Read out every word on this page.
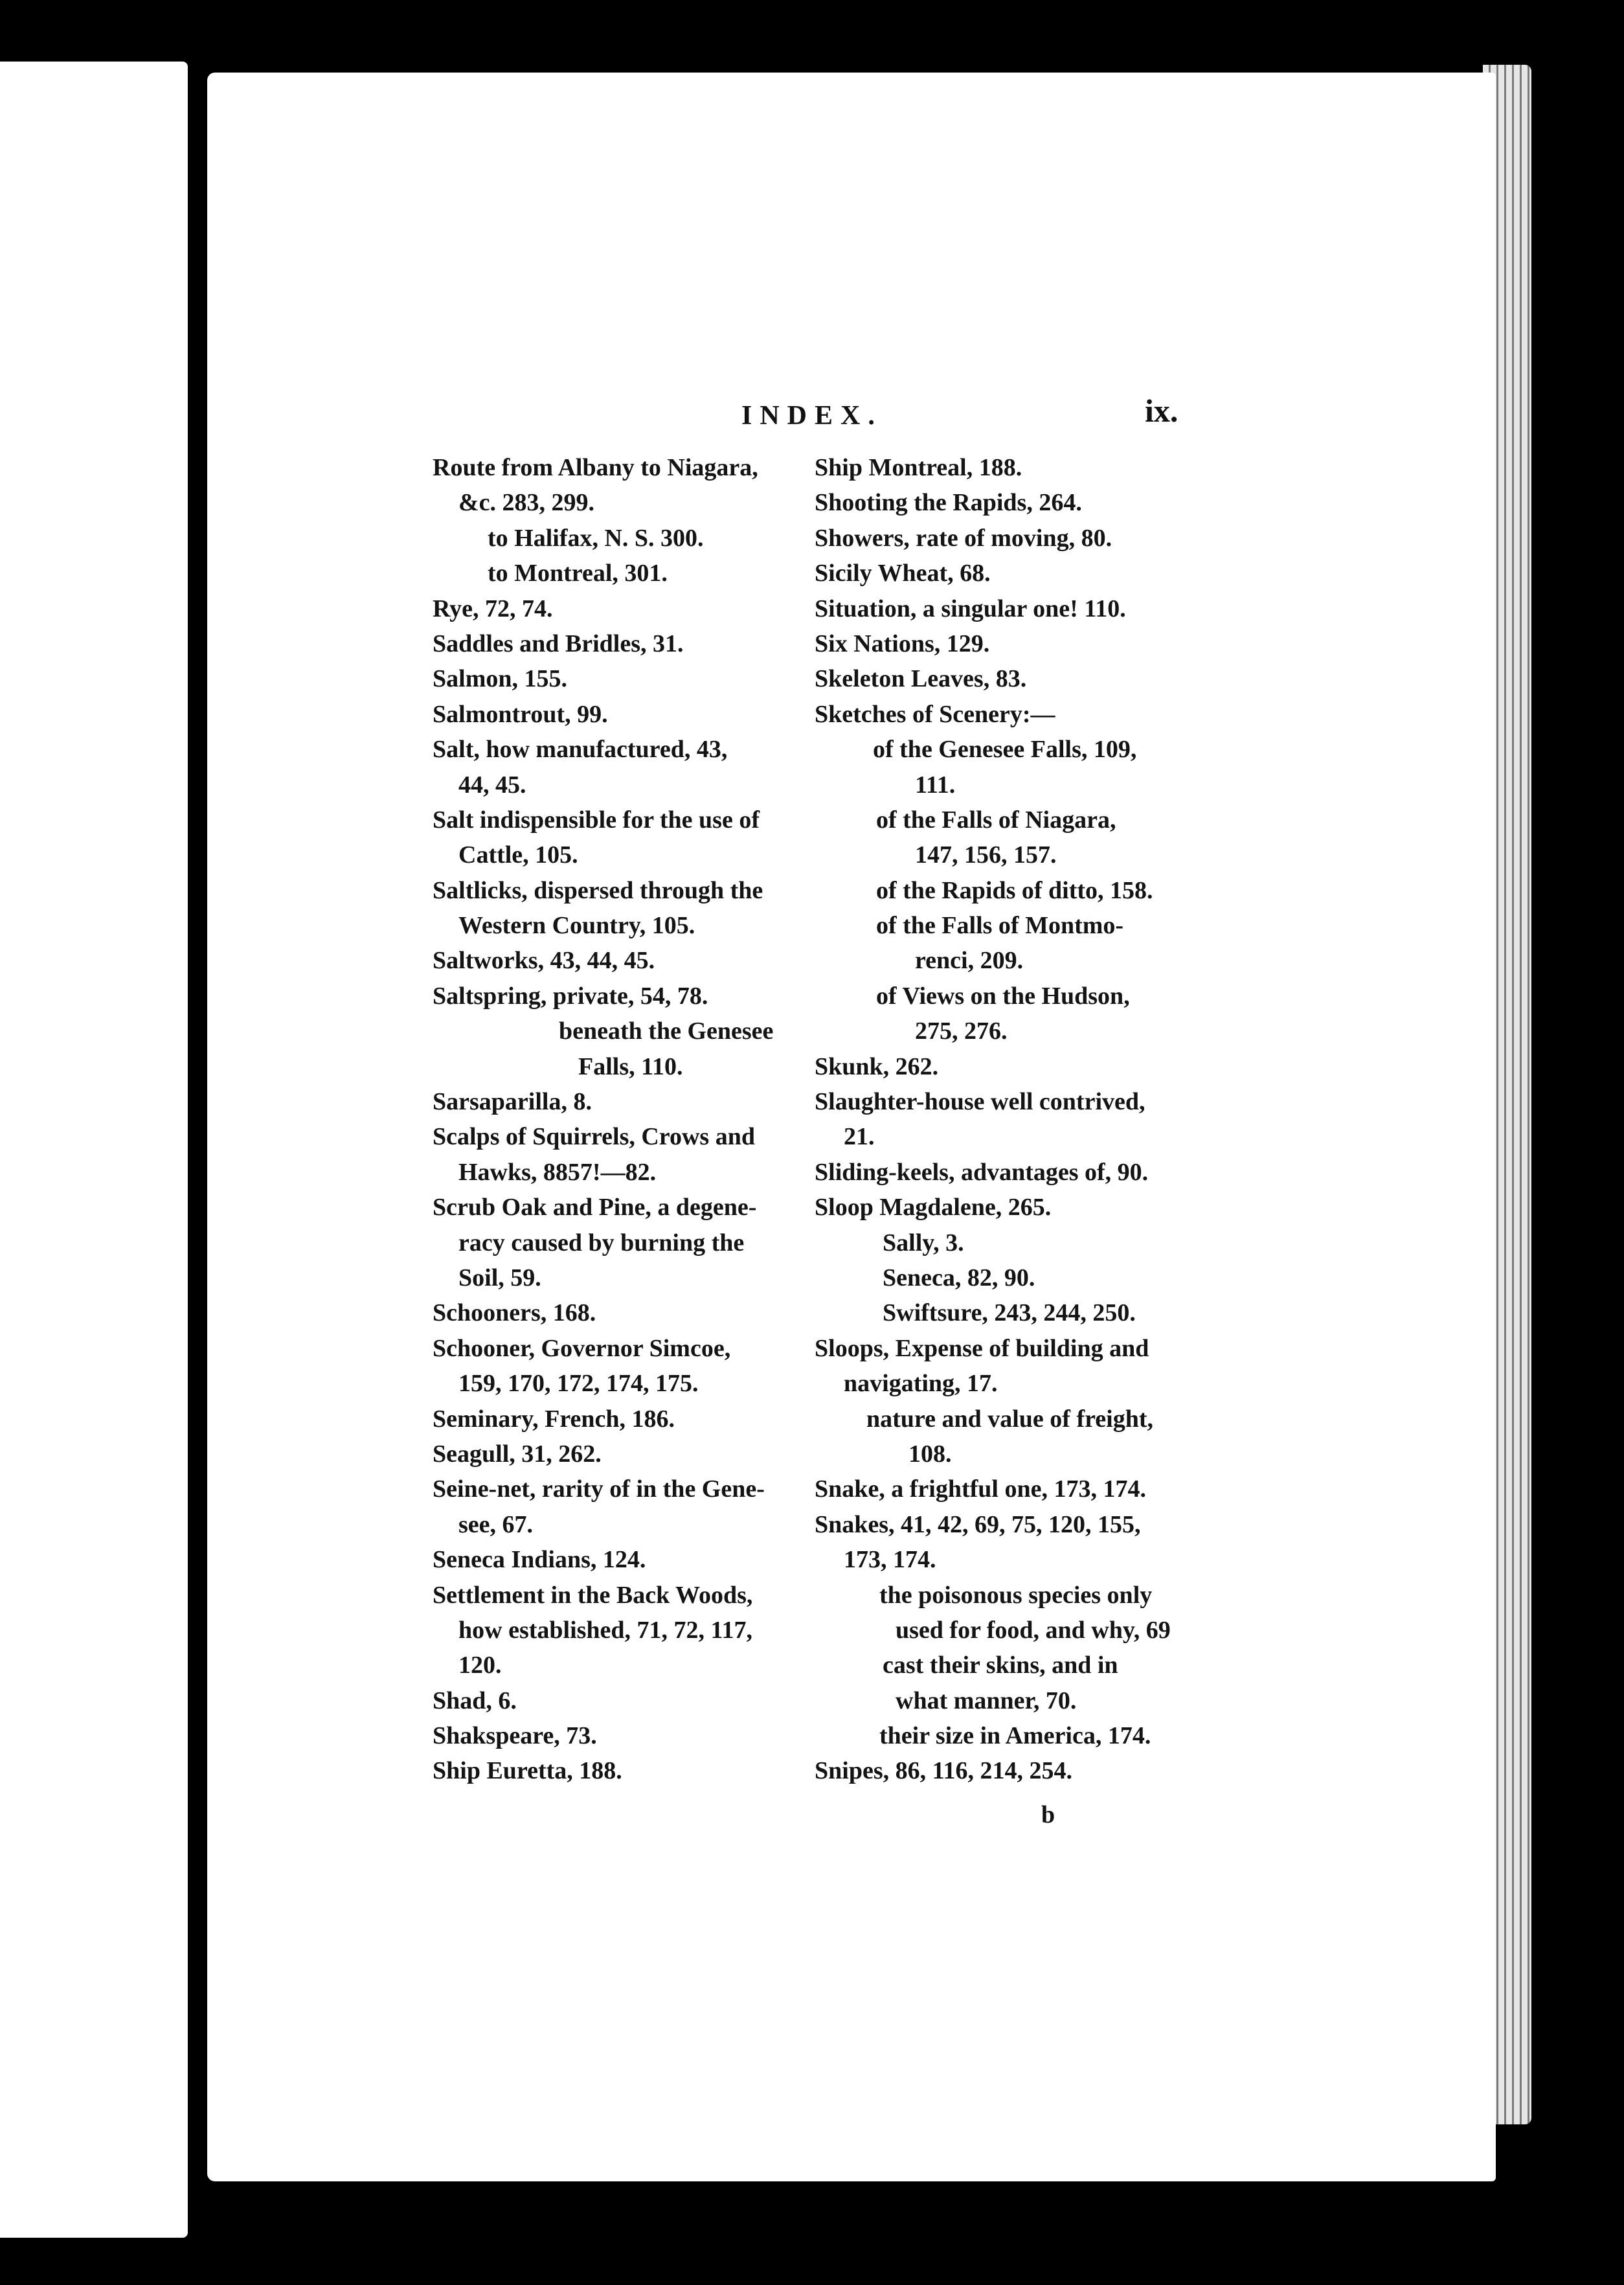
INDEX.	ix.
Route from Albany to Niagara,
&c. 283, 299.
to Halifax, N. S. 300.
to Montreal, 301.
Rye, 72, 74.
Saddles and Bridles, 31.
Salmon, 155.
Salmontrout, 99.
Salt, how manufactured, 43,
44, 45.
Salt indispensible for the use of
Cattle, 105.
Saltlicks, dispersed through the
Western Country, 105.
Saltworks, 43, 44, 45.
Saltspring, private, 54, 78.
beneath the Genesee
Falls, 110.
Sarsaparilla, 8.
Scalps of Squirrels, Crows and
Hawks, 8857!—82.
Scrub Oak and Pine, a degene-
racy caused by burning the
Soil, 59.
Schooners, 168.
Schooner, Governor Simcoe,
159, 170, 172, 174, 175.
Seminary, French, 186.
Seagull, 31, 262.
Seine-net, rarity of in the Gene-
see, 67.
Seneca Indians, 124.
Settlement in the Back Woods,
how established, 71, 72, 117,
120.
Shad, 6.
Shakspeare, 73.
Ship Euretta, 188.
Ship Montreal, 188.
Shooting the Rapids, 264.
Showers, rate of moving, 80.
Sicily Wheat, 68.
Situation, a singular one! 110.
Six Nations, 129.
Skeleton Leaves, 83.
Sketches of Scenery:—
of the Genesee Falls, 109,
111.
of the Falls of Niagara,
147, 156, 157.
of the Rapids of ditto, 158.
of the Falls of Montmo-
renci, 209.
of Views on the Hudson,
275, 276.
Skunk, 262.
Slaughter-house well contrived,
21.
Sliding-keels, advantages of, 90.
Sloop Magdalene, 265.
Sally, 3.
Seneca, 82, 90.
Swiftsure, 243, 244, 250.
Sloops, Expense of building and
navigating, 17.
nature and value of freight,
108.
Snake, a frightful one, 173, 174.
Snakes, 41, 42, 69, 75, 120, 155,
173, 174.
the poisonous species only
used for food, and why, 69
cast their skins, and in
what manner, 70.
their size in America, 174.
Snipes, 86, 116, 214, 254.
b
